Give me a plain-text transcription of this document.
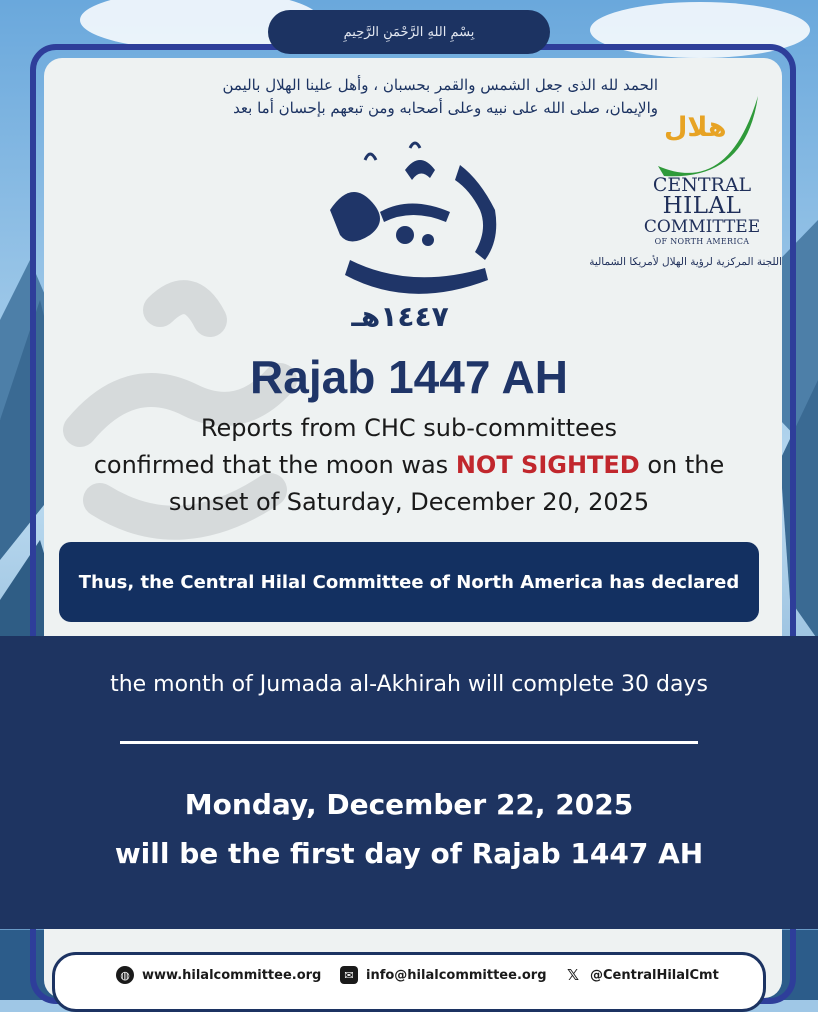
بِسْمِ اللهِ الرَّحْمَنِ الرَّحِيمِ
الحمد لله الذى جعل الشمس والقمر بحسبان ، وأهل علينا الهلال باليمن
والإيمان، صلى الله على نبيه وعلى أصحابه ومن تبعهم بإحسان أما بعد
١٤٤٧هـ
هلال
CENTRAL
HILAL
COMMITTEE
OF NORTH AMERICA
اللجنة المركزية لرؤية الهلال لأمريكا الشمالية
Rajab 1447 AH
Reports from CHC sub-committees
confirmed that the moon was NOT SIGHTED on the
sunset of Saturday, December 20, 2025
Thus, the Central Hilal Committee of North America has declared
the month of Jumada al-Akhirah will complete 30 days
Monday, December 22, 2025
will be the first day of Rajab 1447 AH
◍ www.hilalcommittee.org	✉ info@hilalcommittee.org 𝕏 @CentralHilalCmt
